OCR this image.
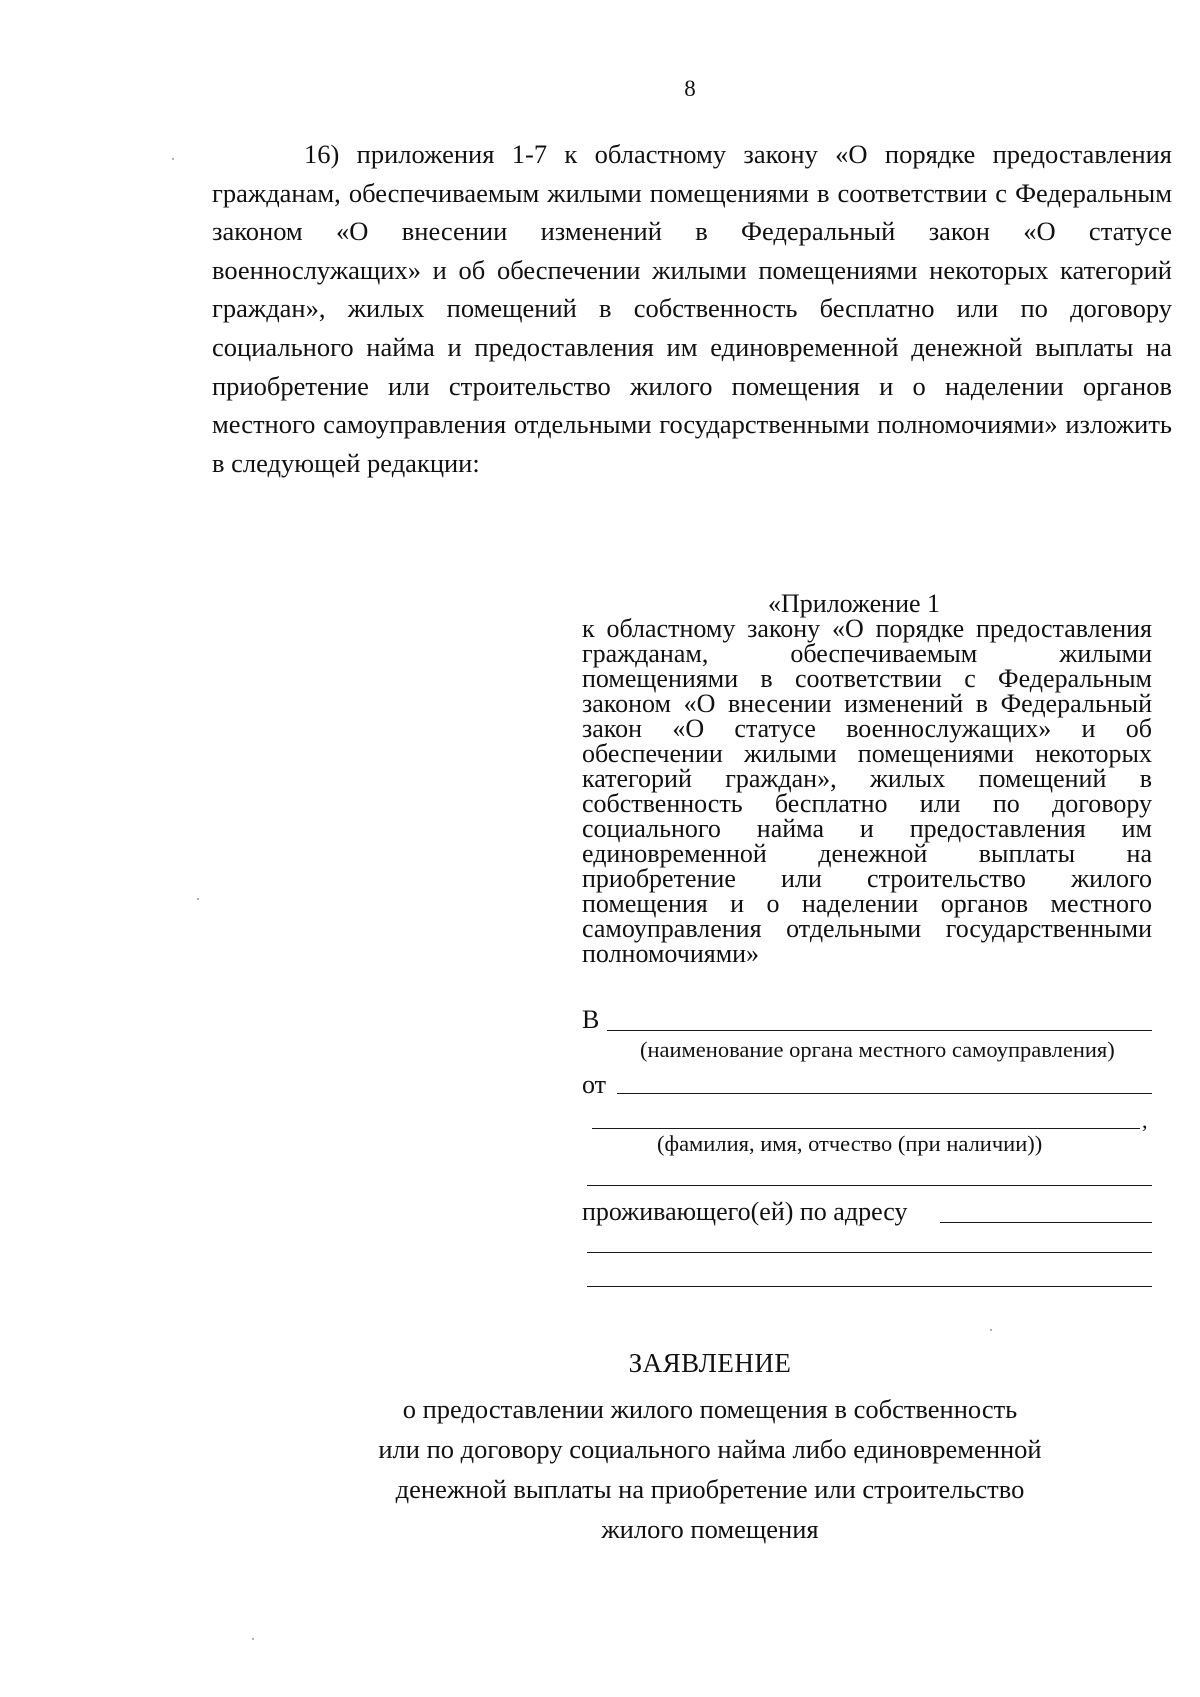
8

16) приложения 1-7 к областному закону «О порядке предоставления гражданам, обеспечиваемым жилыми помещениями в соответствии с Федеральным законом «О внесении изменений в Федеральный закон «О статусе военнослужащих» и об обеспечении жилыми помещениями некоторых категорий граждан», жилых помещений в собственность бесплатно или по договору социального найма и предоставления им единовременной денежной выплаты на приобретение или строительство жилого помещения и о наделении органов местного самоуправления отдельными государственными полномочиями» изложить в следующей редакции:

«Приложение 1

к областному закону «О порядке предоставления гражданам, обеспечиваемым жилыми помещениями в соответствии с Федеральным законом «О внесении изменений в Федеральный закон «О статусе военнослужащих» и об обеспечении жилыми помещениями некоторых категорий граждан», жилых помещений в собственность бесплатно или по договору социального найма и предоставления им единовременной денежной выплаты на приобретение или строительство жилого помещения и о наделении органов местного самоуправления отдельными государственными полномочиями»

В
(наименование органа местного самоуправления)
от
,
(фамилия, имя, отчество (при наличии))
проживающего(ей) по адресу
ЗАЯВЛЕНИЕ
о предоставлении жилого помещения в собственность
или по договору социального найма либо единовременной
денежной выплаты на приобретение или строительство
жилого помещения
